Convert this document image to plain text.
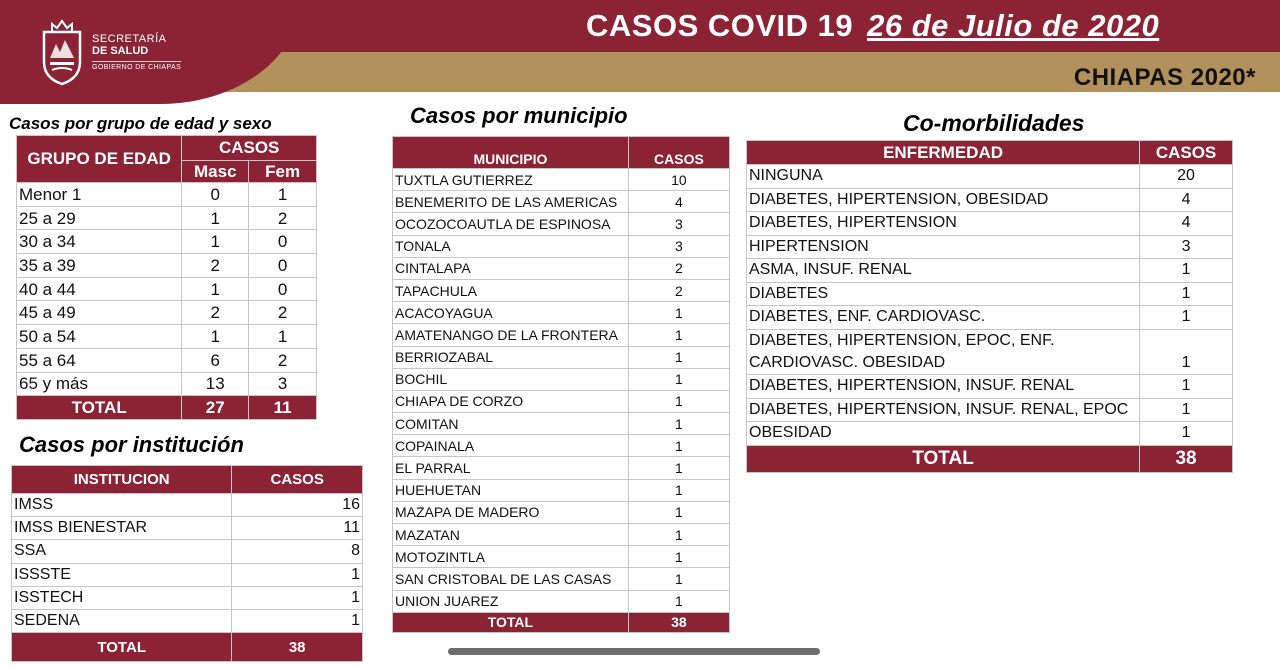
SECRETARÍA
DE SALUD
GOBIERNO DE CHIAPAS
CASOS COVID 19 26 de Julio de 2020
CHIAPAS 2020*
Casos por grupo de edad y sexo
GRUPO DE EDAD	CASOS	
	Masc	Fem
Menor 1	0	1
25 a 29	1	2
30 a 34	1	0
35 a 39	2	0
40 a 44	1	0
45 a 49	2	2
50 a 54	1	1
55 a 64	6	2
65 y más	13	3
TOTAL	27	11
Casos por institución
INSTITUCION	CASOS
IMSS	16
IMSS BIENESTAR	11
SSA	8
ISSSTE	1
ISSTECH	1
SEDENA	1
TOTAL	38
Casos por municipio
MUNICIPIO	CASOS
TUXTLA GUTIERREZ	10
BENEMERITO DE LAS AMERICAS	4
OCOZOCOAUTLA DE ESPINOSA	3
TONALA	3
CINTALAPA	2
TAPACHULA	2
ACACOYAGUA	1
AMATENANGO DE LA FRONTERA	1
BERRIOZABAL	1
BOCHIL	1
CHIAPA DE CORZO	1
COMITAN	1
COPAINALA	1
EL PARRAL	1
HUEHUETAN	1
MAZAPA DE MADERO	1
MAZATAN	1
MOTOZINTLA	1
SAN CRISTOBAL DE LAS CASAS	1
UNION JUAREZ	1
TOTAL	38
Co-morbilidades
ENFERMEDAD	CASOS
NINGUNA	20
DIABETES, HIPERTENSION, OBESIDAD	4
DIABETES, HIPERTENSION	4
HIPERTENSION	3
ASMA, INSUF. RENAL	1
DIABETES	1
DIABETES, ENF. CARDIOVASC.	1
DIABETES, HIPERTENSION, EPOC, ENF. CARDIOVASC. OBESIDAD	1
DIABETES, HIPERTENSION, INSUF. RENAL	1
DIABETES, HIPERTENSION, INSUF. RENAL, EPOC	1
OBESIDAD	1
TOTAL	38
